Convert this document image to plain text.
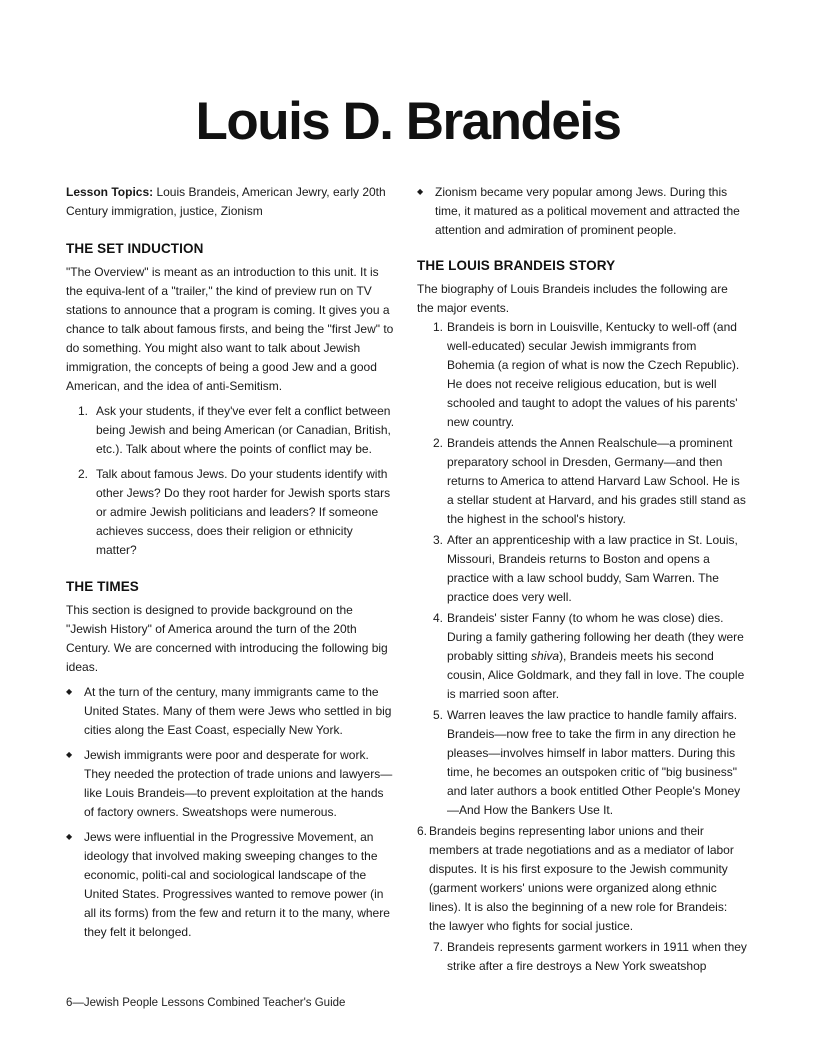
Louis D. Brandeis

Lesson Topics: Louis Brandeis, American Jewry, early 20th Century immigration, justice, Zionism

THE SET INDUCTION

"The Overview" is meant as an introduction to this unit. It is the equiva-lent of a "trailer," the kind of preview run on TV stations to announce that a program is coming. It gives you a chance to talk about famous firsts, and being the "first Jew" to do something. You might also want to talk about Jewish immigration, the concepts of being a good Jew and a good American, and the idea of anti-Semitism.

1. Ask your students, if they've ever felt a conflict between being Jewish and being American (or Canadian, British, etc.). Talk about where the points of conflict may be.
2. Talk about famous Jews. Do your students identify with other Jews? Do they root harder for Jewish sports stars or admire Jewish politicians and leaders? If someone achieves success, does their religion or ethnicity matter?
THE TIMES

This section is designed to provide background on the "Jewish History" of America around the turn of the 20th Century. We are concerned with introducing the following big ideas.

◆ At the turn of the century, many immigrants came to the United States. Many of them were Jews who settled in big cities along the East Coast, especially New York.
◆ Jewish immigrants were poor and desperate for work. They needed the protection of trade unions and lawyers—like Louis Brandeis—to prevent exploitation at the hands of factory owners. Sweatshops were numerous.
◆ Jews were influential in the Progressive Movement, an ideology that involved making sweeping changes to the economic, politi-cal and sociological landscape of the United States. Progressives wanted to remove power (in all its forms) from the few and return it to the many, where they felt it belonged.
◆ Zionism became very popular among Jews. During this time, it matured as a political movement and attracted the attention and admiration of prominent people.
THE LOUIS BRANDEIS STORY

The biography of Louis Brandeis includes the following are the major events.

1. Brandeis is born in Louisville, Kentucky to well-off (and well-educated) secular Jewish immigrants from Bohemia (a region of what is now the Czech Republic). He does not receive religious education, but is well schooled and taught to adopt the values of his parents' new country.
2. Brandeis attends the Annen Realschule—a prominent preparatory school in Dresden, Germany—and then returns to America to attend Harvard Law School. He is a stellar student at Harvard, and his grades still stand as the highest in the school's history.
3. After an apprenticeship with a law practice in St. Louis, Missouri, Brandeis returns to Boston and opens a practice with a law school buddy, Sam Warren. The practice does very well.
4. Brandeis' sister Fanny (to whom he was close) dies. During a family gathering following her death (they were probably sitting shiva), Brandeis meets his second cousin, Alice Goldmark, and they fall in love. The couple is married soon after.
5. Warren leaves the law practice to handle family affairs. Brandeis—now free to take the firm in any direction he pleases—involves himself in labor matters. During this time, he becomes an outspoken critic of "big business" and later authors a book entitled Other People's Money—And How the Bankers Use It.
6. Brandeis begins representing labor unions and their members at trade negotiations and as a mediator of labor disputes. It is his first exposure to the Jewish community (garment workers' unions were organized along ethnic lines). It is also the beginning of a new role for Brandeis: the lawyer who fights for social justice.
7. Brandeis represents garment workers in 1911 when they strike after a fire destroys a New York sweatshop
6—Jewish People Lessons Combined Teacher's Guide
